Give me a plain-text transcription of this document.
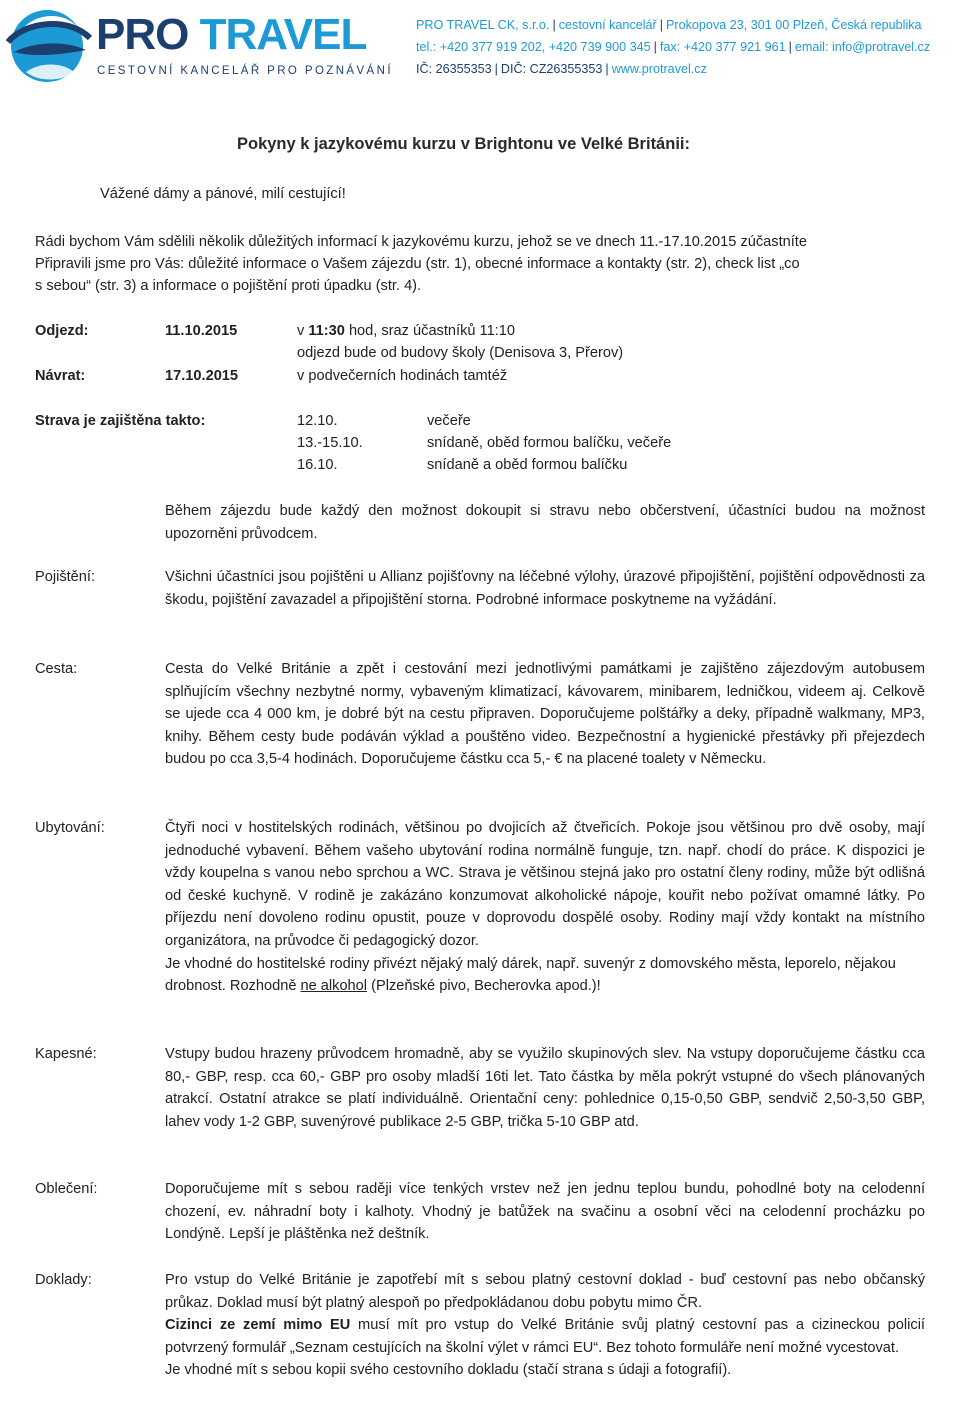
PRO TRAVEL
CESTOVNÍ KANCELÁŘ PRO POZNÁVÁNÍ
PRO TRAVEL CK, s.r.o. | cestovní kancelář | Prokopova 23, 301 00 Plzeň, Česká republika
tel.: +420 377 919 202, +420 739 900 345 | fax: +420 377 921 961 | email: info@protravel.cz
IČ: 26355353 | DIČ: CZ26355353 | www.protravel.cz
Pokyny k jazykovému kurzu v Brightonu ve Velké Británii:
Vážené dámy a pánové, milí cestující!
Rádi bychom Vám sdělili několik důležitých informací k jazykovému kurzu, jehož se ve dnech 11.-17.10.2015 zúčastníte
Připravili jsme pro Vás: důležité informace o Vašem zájezdu (str. 1), obecné informace a kontakty (str. 2), check list „co
s sebou“ (str. 3) a informace o pojištění proti úpadku (str. 4).
Odjezd:	11.10.2015	v 11:30 hod, sraz účastníků 11:10
odjezd bude od budovy školy (Denisova 3, Přerov)
Návrat:	17.10.2015	v podvečerních hodinách tamtéž
Strava je zajištěna takto:	12.10.	večeře
13.-15.10.	snídaně, oběd formou balíčku, večeře
16.10.	snídaně a oběd formou balíčku

Během zájezdu bude každý den možnost dokoupit si stravu nebo občerstvení, účastníci budou na možnost upozorněni průvodcem.

Pojištění:	Všichni účastníci jsou pojištěni u Allianz pojišťovny na léčebné výlohy, úrazové připojištění, pojištění odpovědnosti za škodu, pojištění zavazadel a připojištění storna. Podrobné informace poskytneme na vyžádání.

Cesta:	Cesta do Velké Británie a zpět i cestování mezi jednotlivými památkami je zajištěno zájezdovým autobusem splňujícím všechny nezbytné normy, vybaveným klimatizací, kávovarem, minibarem, ledničkou, videem aj. Celkově se ujede cca 4 000 km, je dobré být na cestu připraven. Doporučujeme polštářky a deky, případně walkmany, MP3, knihy. Během cesty bude podáván výklad a pouštěno video. Bezpečnostní a hygienické přestávky při přejezdech budou po cca 3,5-4 hodinách. Doporučujeme částku cca 5,- € na placené toalety v Německu.

Ubytování:	Čtyři noci v hostitelských rodinách, většinou po dvojicích až čtveřicích. Pokoje jsou většinou pro dvě osoby, mají jednoduché vybavení. Během vašeho ubytování rodina normálně funguje, tzn. např. chodí do práce. K dispozici je vždy koupelna s vanou nebo sprchou a WC. Strava je většinou stejná jako pro ostatní členy rodiny, může být odlišná od české kuchyně. V rodině je zakázáno konzumovat alkoholické nápoje, kouřit nebo požívat omamné látky. Po příjezdu není dovoleno rodinu opustit, pouze v doprovodu dospělé osoby. Rodiny mají vždy kontakt na místního organizátora, na průvodce či pedagogický dozor.

Je vhodné do hostitelské rodiny přivézt nějaký malý dárek, např. suvenýr z domovského města, leporelo, nějakou drobnost. Rozhodně ne alkohol (Plzeňské pivo, Becherovka apod.)!

Kapesné:	Vstupy budou hrazeny průvodcem hromadně, aby se využilo skupinových slev. Na vstupy doporučujeme částku cca 80,- GBP, resp. cca 60,- GBP pro osoby mladší 16ti let. Tato částka by měla pokrýt vstupné do všech plánovaných atrakcí. Ostatní atrakce se platí individuálně. Orientační ceny: pohlednice 0,15-0,50 GBP, sendvič 2,50-3,50 GBP, lahev vody 1-2 GBP, suvenýrové publikace 2-5 GBP, trička 5-10 GBP atd.

Oblečení:	Doporučujeme mít s sebou raději více tenkých vrstev než jen jednu teplou bundu, pohodlné boty na celodenní chození, ev. náhradní boty i kalhoty. Vhodný je batůžek na svačinu a osobní věci na celodenní procházku po Londýně. Lepší je pláštěnka než deštník.

Doklady:	Pro vstup do Velké Británie je zapotřebí mít s sebou platný cestovní doklad - buď cestovní pas nebo občanský průkaz. Doklad musí být platný alespoň po předpokládanou dobu pobytu mimo ČR.

Cizinci ze zemí mimo EU musí mít pro vstup do Velké Británie svůj platný cestovní pas a cizineckou policií potvrzený formulář „Seznam cestujících na školní výlet v rámci EU“. Bez tohoto formuláře není možné vycestovat.

Je vhodné mít s sebou kopii svého cestovního dokladu (stačí strana s údaji a fotografií).
